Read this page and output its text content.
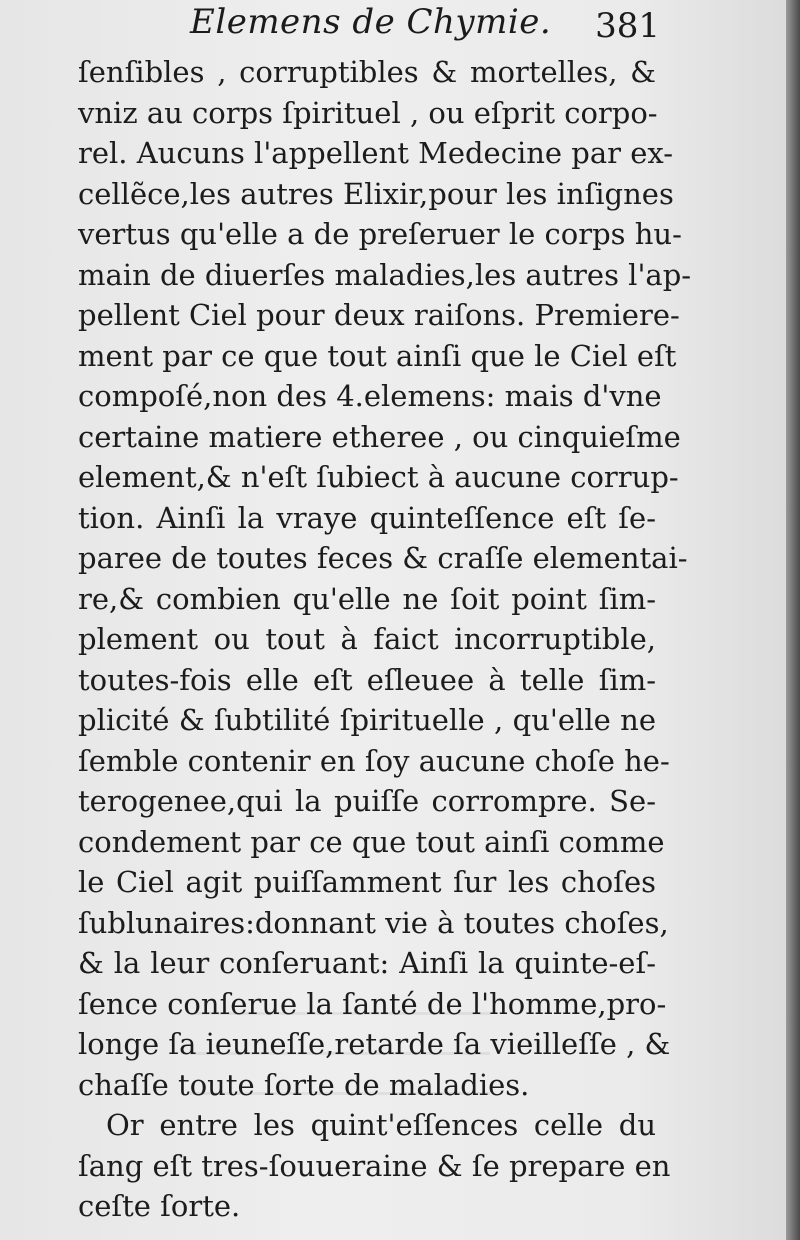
Elemens de Chymie. 381
ſenſibles , corruptibles & mortelles, &
vniz au corps ſpirituel , ou eſprit corpo-
rel. Aucuns l'appellent Medecine par ex-
cellẽce,les autres Elixir,pour les inſignes
vertus qu'elle a de preſeruer le corps hu-
main de diuerſes maladies,les autres l'ap-
pellent Ciel pour deux raiſons. Premiere-
ment par ce que tout ainſi que le Ciel eſt
compoſé,non des 4.elemens: mais d'vne
certaine matiere etheree , ou cinquieſme
element,& n'eſt ſubiect à aucune corrup-
tion. Ainſi la vraye quinteſſence eſt ſe-
paree de toutes feces & craſſe elementai-
re,& combien qu'elle ne ſoit point ſim-
plement ou tout à faict incorruptible,
toutes-fois elle eſt eſleuee à telle ſim-
plicité & ſubtilité ſpirituelle , qu'elle ne
ſemble contenir en ſoy aucune choſe he-
terogenee,qui la puiſſe corrompre. Se-
condement par ce que tout ainſi comme
le Ciel agit puiſſamment ſur les choſes
ſublunaires:donnant vie à toutes choſes,
& la leur conſeruant: Ainſi la quinte-eſ-
ſence conſerue la ſanté de l'homme,pro-
longe ſa ieuneſſe,retarde ſa vieilleſſe , &
chaſſe toute ſorte de maladies.
Or entre les quint'eſſences celle du
ſang eſt tres-ſouueraine & ſe prepare en
ceſte ſorte.
